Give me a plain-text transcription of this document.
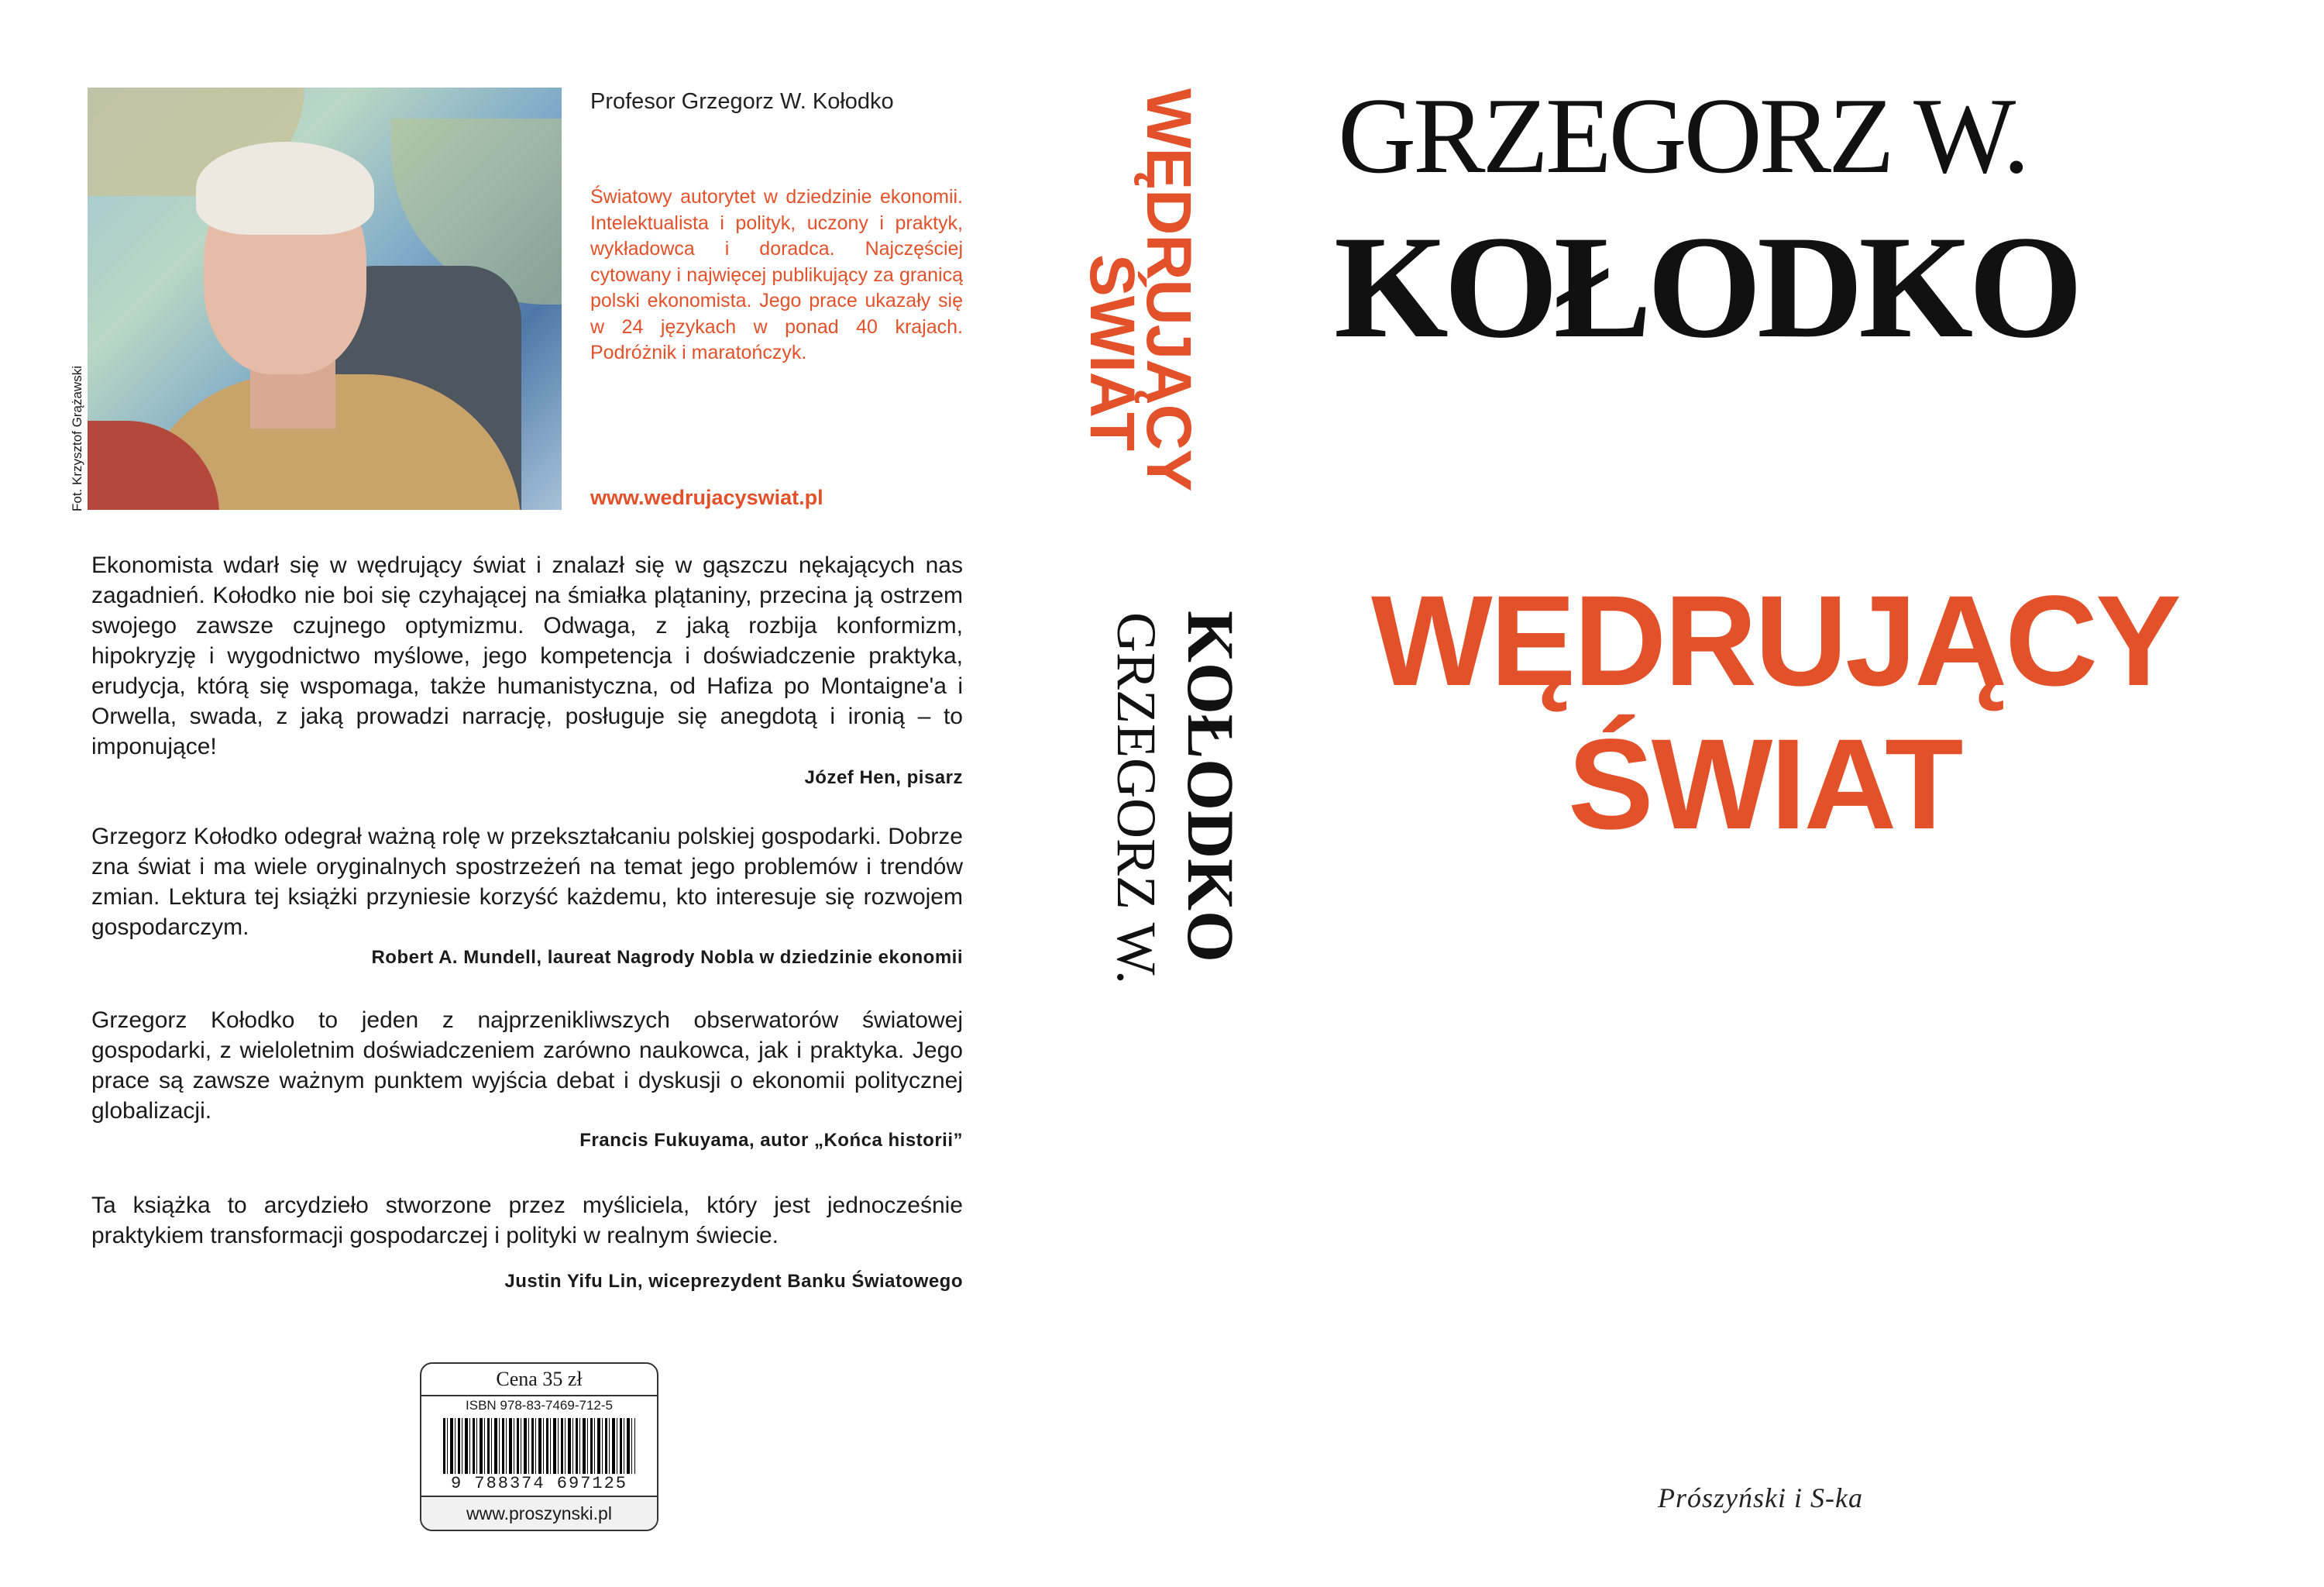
Fot. Krzysztof Grążawski
Profesor Grzegorz W. Kołodko
Światowy autorytet w dziedzinie ekonomii. Intelektualista i polityk, uczony i praktyk, wykładowca i doradca. Najczęściej cytowany i najwięcej publikujący za granicą polski ekonomista. Jego prace ukazały się w 24 językach w ponad 40 krajach. Podróżnik i maratończyk.
www.wedrujacyswiat.pl
Ekonomista wdarł się w wędrujący świat i znalazł się w gąszczu nękających nas zagadnień. Kołodko nie boi się czyhającej na śmiałka plątaniny, przecina ją ostrzem swojego zawsze czujnego optymizmu. Odwaga, z jaką rozbija konformizm, hipokryzję i wygodnictwo myślowe, jego kompetencja i doświadczenie praktyka, erudycja, którą się wspomaga, także humanistyczna, od Hafiza po Montaigne'a i Orwella, swada, z jaką prowadzi narrację, posługuje się anegdotą i ironią – to imponujące!
Józef Hen, pisarz
Grzegorz Kołodko odegrał ważną rolę w przekształcaniu polskiej gospodarki. Dobrze zna świat i ma wiele oryginalnych spostrzeżeń na temat jego problemów i trendów zmian. Lektura tej książki przyniesie korzyść każdemu, kto interesuje się rozwojem gospodarczym.
Robert A. Mundell, laureat Nagrody Nobla w dziedzinie ekonomii
Grzegorz Kołodko to jeden z najprzenikliwszych obserwatorów światowej gospodarki, z wieloletnim doświadczeniem zarówno naukowca, jak i praktyka. Jego prace są zawsze ważnym punktem wyjścia debat i dyskusji o ekonomii politycznej globalizacji.
Francis Fukuyama, autor „Końca historii”
Ta książka to arcydzieło stworzone przez myśliciela, który jest jednocześnie praktykiem transformacji gospodarczej i polityki w realnym świecie.
Justin Yifu Lin, wiceprezydent Banku Światowego
Cena 35 zł
ISBN 978-83-7469-712-5
9 788374 697125
www.proszynski.pl
WĘDRUJĄCY
ŚWIAT
GRZEGORZ W. KOŁODKO
GRZEGORZ W.
KOŁODKO
WĘDRUJĄCY
ŚWIAT
Prószyński i S-ka
